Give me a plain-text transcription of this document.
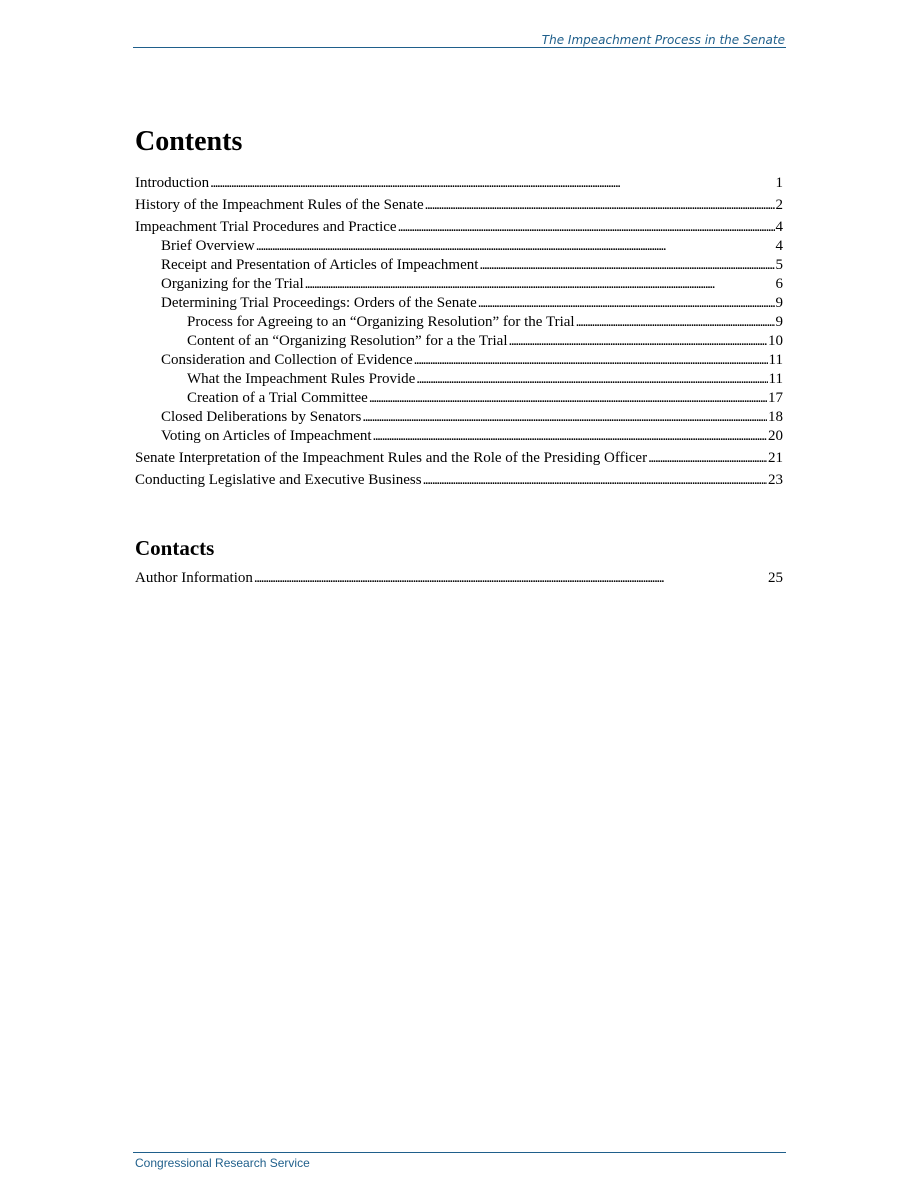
The Impeachment Process in the Senate
Contents
Introduction . . .	1
History of the Impeachment Rules of the Senate . . .	2
Impeachment Trial Procedures and Practice . . .	4
Brief Overview . . .	4
Receipt and Presentation of Articles of Impeachment . . .	5
Organizing for the Trial . . .	6
Determining Trial Proceedings: Orders of the Senate . . .	9
Process for Agreeing to an “Organizing Resolution” for the Trial . . .	9
Content of an “Organizing Resolution” for a the Trial . . .	10
Consideration and Collection of Evidence . . .	11
What the Impeachment Rules Provide . . .	11
Creation of a Trial Committee . . .	17
Closed Deliberations by Senators . . .	18
Voting on Articles of Impeachment . . .	20
Senate Interpretation of the Impeachment Rules and the Role of the Presiding Officer . . .	21
Conducting Legislative and Executive Business . . .	23
Contacts
Author Information . . .	25
Congressional Research Service
